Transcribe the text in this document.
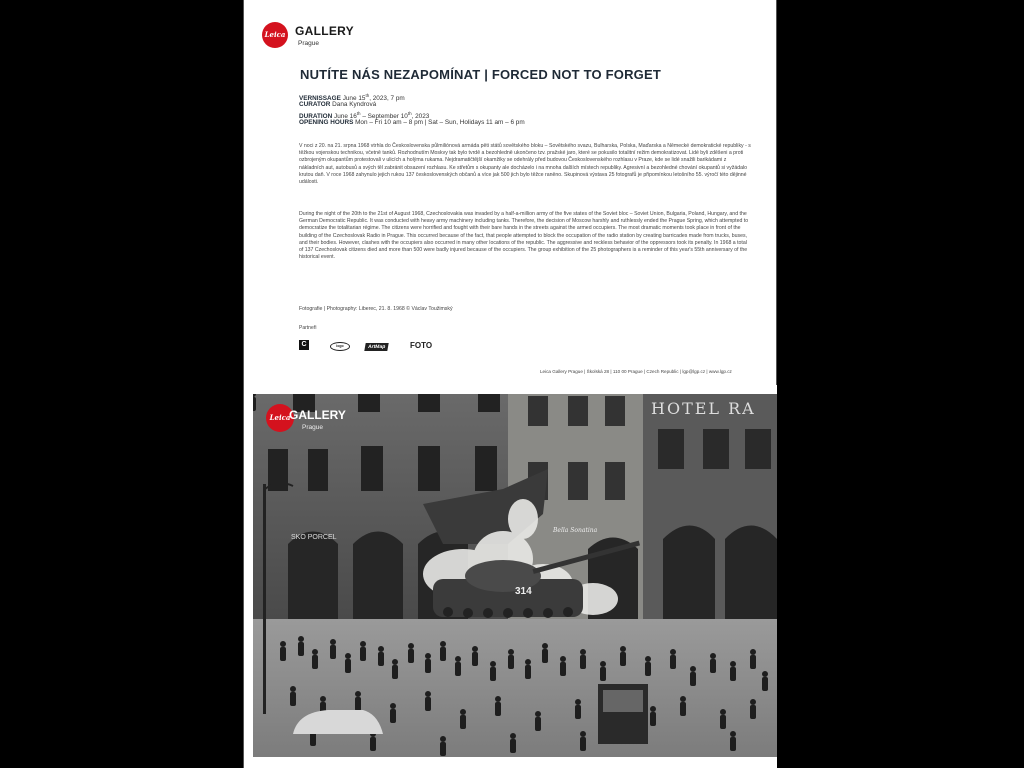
Leica GALLERY
Prague
NUTÍTE NÁS NEZAPOMÍNAT | FORCED NOT TO FORGET
VERNISSAGE June 15th, 2023, 7 pm
CURATOR Dana Kyndrová
DURATION June 16th – September 10th, 2023
OPENING HOURS Mon – Fri 10 am – 8 pm | Sat – Sun, Holidays 11 am – 6 pm
V noci z 20. na 21. srpna 1968 vtrhla do Československa půlmiliónová armáda pěti států sovětského bloku – Sovětského svazu, Bulharska, Polska, Maďarska a Německé demokratické republiky - s těžkou vojenskou technikou, včetně tanků. Rozhodnutím Moskvy tak bylo tvrdě a bezohledně ukončeno tzv. pražské jaro, které se pokusilo totalitní režim demokratizovat. Lidé byli zděšeni a proti ozbrojeným okupantům protestovali v ulicích a holýma rukama. Nejdramatičtější okamžiky se odehrály před budovou Československého rozhlasu v Praze, kde se lidé snažili barikádami z nákladních aut, autobusů a svých těl zabránit obsazení rozhlasu. Ke střetům s okupanty ale docházelo i na mnoha dalších místech republiky. Agresivní a bezohledné chování okupantů si vyžádalo krutou daň. V roce 1968 zahynulo jejich rukou 137 československých občanů a více jak 500 jich bylo těžce raněno. Skupinová výstava 25 fotografů je připomínkou letošního 55. výročí této dějinné události.
During the night of the 20th to the 21st of August 1968, Czechoslovakia was invaded by a half-a-million army of the five states of the Soviet bloc – Soviet Union, Bulgaria, Poland, Hungary, and the German Democratic Republic. It was conducted with heavy army machinery including tanks. Therefore, the decision of Moscow harshly and ruthlessly ended the Prague Spring, which attempted to democratize the totalitarian régime. The citizens were horrified and fought with their bare hands in the streets against the armed occupiers. The most dramatic moments took place in front of the building of the Czechoslovak Radio in Prague. This occurred because of the fact, that people attempted to block the occupation of the radio station by creating barricades made from trucks, buses, and their bodies. However, clashes with the occupiers also occurred in many other locations of the republic. The aggressive and reckless behavior of the oppressors took its penalty. In 1968 a total of 137 Czechoslovak citizens died and more than 500 were badly injured because of the occupiers. The group exhibition of the 25 photographers is a reminder of this year's 55th anniversary of the historical event.
Fotografie | Photography: Liberec, 21. 8. 1968 © Václav Toužimský
Partneři
C	logo	ArtMap	FOTO
Leica Gallery Prague | Školská 28 | 110 00 Prague | Czech Republic | lgp@lgp.cz | www.lgp.cz
HOTEL RA
SKO PORCEL
Bella Sonatina
314
Leica
GALLERY
Prague
